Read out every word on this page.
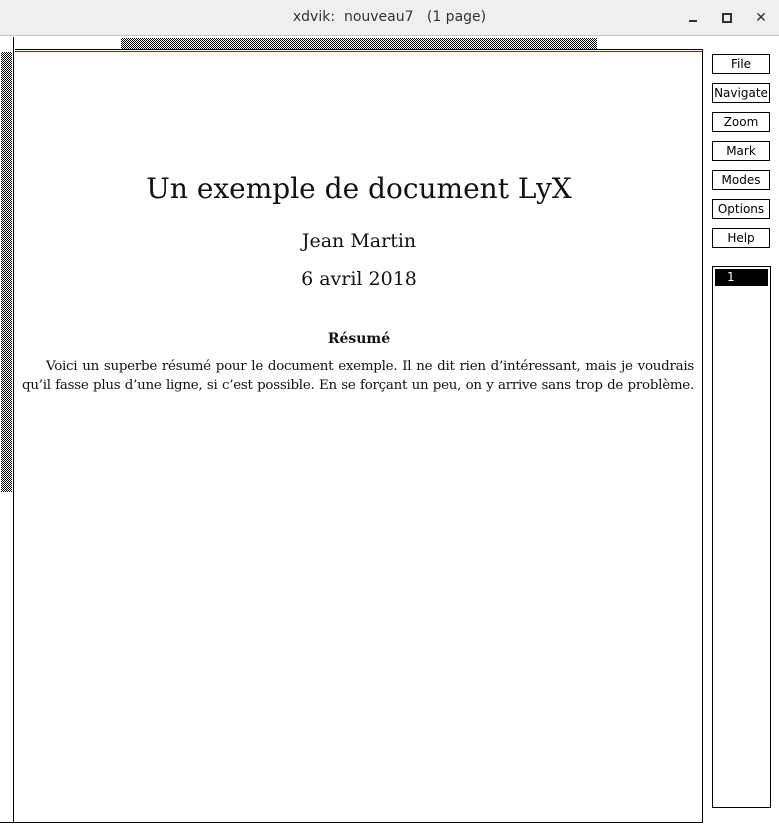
xdvik:  nouveau7   (1 page)	✕
Un exemple de document LyX
Jean Martin
6 avril 2018
Résumé
Voici un superbe résumé pour le document exemple. Il ne dit rien d’intéressant, mais je voudrais
qu’il fasse plus d’une ligne, si c’est possible. En se forçant un peu, on y arrive sans trop de problème.
File
Navigate
Zoom
Mark
Modes
Options
Help
1
